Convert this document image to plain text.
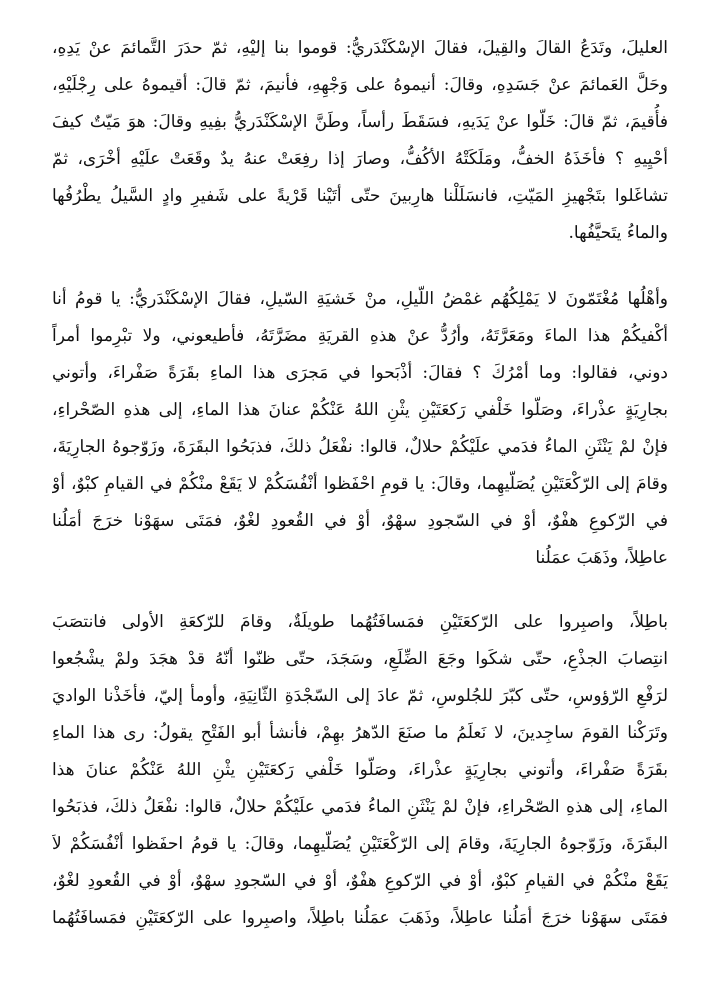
العليلَ، وتَدَعُ القالَ والقِيلَ، فقالَ الإسْكَنْدَريُّ: قوموا بنا إليْهِ، ثمّ حدَرَ التَّمائمَ عنْ يَدِهِ،
وحَلَّ العَمائمَ عنْ جَسَدِهِ، وقالَ: أنيموهُ على وَجْهِهِ، فأنيمَ، ثمّ قالَ: أقيموهُ على رِجْلَيْهِ،
فأُقيمَ، ثمّ قالَ: خَلّوا عنْ يَدَيهِ، فسَقَطَ رأساً، وطَنَّ الإسْكَنْدَريُّ بفِيهِ وقالَ: هوَ مَيّتٌ كيفَ
أحْيِيهِ ؟ فأخَذَهُ الخفُّ، ومَلَكَتْهُ الأكُفُّ، وصارَ إذا رفِعَتْ عنهُ يدٌ وقَعَتْ علَيْهِ أخْرَى، ثمّ
تشاغَلوا بتَجْهيزِ المَيّتِ، فانسَلَلْنا هارِبينَ حتّى أتَيْنا قَرْيةً على شَفيرِ وادٍ السَّيلُ يطْرُفُها
والماءُ يتَحيَّفُها.
وأهْلُها مُغْتَمّونَ لا يَمْلِكُهُم غمْضُ اللّيلِ، منْ خَشيَةِ السّيلِ، فقالَ الإسْكَنْدَريُّ: يا قومُ أنا
أكْفيكُمْ هذا الماءَ ومَعَرَّتَهُ، وأرُدُّ عنْ هذهِ القريَةِ مضَرَّتَهُ، فأطيعوني، ولا تبْرِموا أمراً
دوني، فقالوا: وما أمْرُكَ ؟ فقالَ: أذْبَحوا في مَجرَى هذا الماءِ بقَرَةً صَفْراءَ، وأتوني
بجارِيَةٍ عذْراءَ، وصَلّوا خَلْفي رَكعَتَيْنِ يثْنِ اللهُ عَنْكُمْ عنانَ هذا الماءِ، إلى هذهِ الصّحْراءِ،
فإنْ لمْ يَنْثَنِ الماءُ فدَمي علَيْكُمْ حلالٌ، قالوا: نفْعَلُ ذلكَ، فذبَحُوا البقَرَةَ، وزَوّجوهُ الجارِيَةَ،
وقامَ إلى الرّكْعَتَيْنِ يُصَلّيهِما، وقالَ: يا قومِ احْفَظوا أنْفُسَكُمْ لا يَقَعْ منْكُمْ في القيامِ كبْوٌ، أوْ
في الرّكوعِ هفْوٌ، أوْ في السّجودِ سهْوٌ، أوْ في القُعودِ لغْوٌ، فمَتَى سهَوْنا خرَجَ أمَلُنا
عاطِلاً، وذَهَبَ عمَلُنا
باطِلاً، واصبِروا على الرّكعَتَيْنِ فمَسافَتُهُما طويلَةٌ، وقامَ للرّكعَةِ الأولى فانتصَبَ
انتِصابَ الجذْعِ، حتّى شكَوا وجَعَ الضِّلَعِ، وسَجَدَ، حتّى ظنّوا أنّهُ قدْ هجَدَ ولمْ يشْجُعوا
لرَفْعِ الرّؤوسِ، حتّى كبّرَ للجُلوسِ، ثمّ عادَ إلى السّجْدَةِ الثّانِيَةِ، وأومأ إليّ، فأخَذْنا الواديَ
وتَرَكْنا القومَ ساجِدينَ، لا نَعلَمُ ما صنَعَ الدّهرُ بهِمْ، فأنشأ أبو الفَتْحِ يقولُ: رى هذا الماءِ
بقَرَةً صَفْراءَ، وأتوني بجارِيَةٍ عذْراءَ، وصَلّوا خَلْفي رَكعَتَيْنِ يثْنِ اللهُ عَنْكُمْ عنانَ هذا
الماءِ، إلى هذهِ الصّحْراءِ، فإنْ لمْ يَنْثَنِ الماءُ فدَمي علَيْكُمْ حلالٌ، قالوا: نفْعَلُ ذلكَ، فذبَحُوا
البقَرَةَ، وزَوّجوهُ الجارِيَةَ، وقامَ إلى الرّكْعَتَيْنِ يُصَلّيهِما، وقالَ: يا قومُ احفَظوا أنْفُسَكُمْ لاَ
يَقَعْ منْكُمْ في القيامِ كبْوٌ، أوْ في الرّكوعِ هفْوٌ، أوْ في السّجودِ سهْوٌ، أوْ في القُعودِ لغْوٌ،
فمَتَى سهَوْنا خرَجَ أمَلُنا عاطِلاً، وذَهَبَ عمَلُنا باطِلاً، واصبِروا على الرّكعَتَيْنِ فمَسافَتُهُما
